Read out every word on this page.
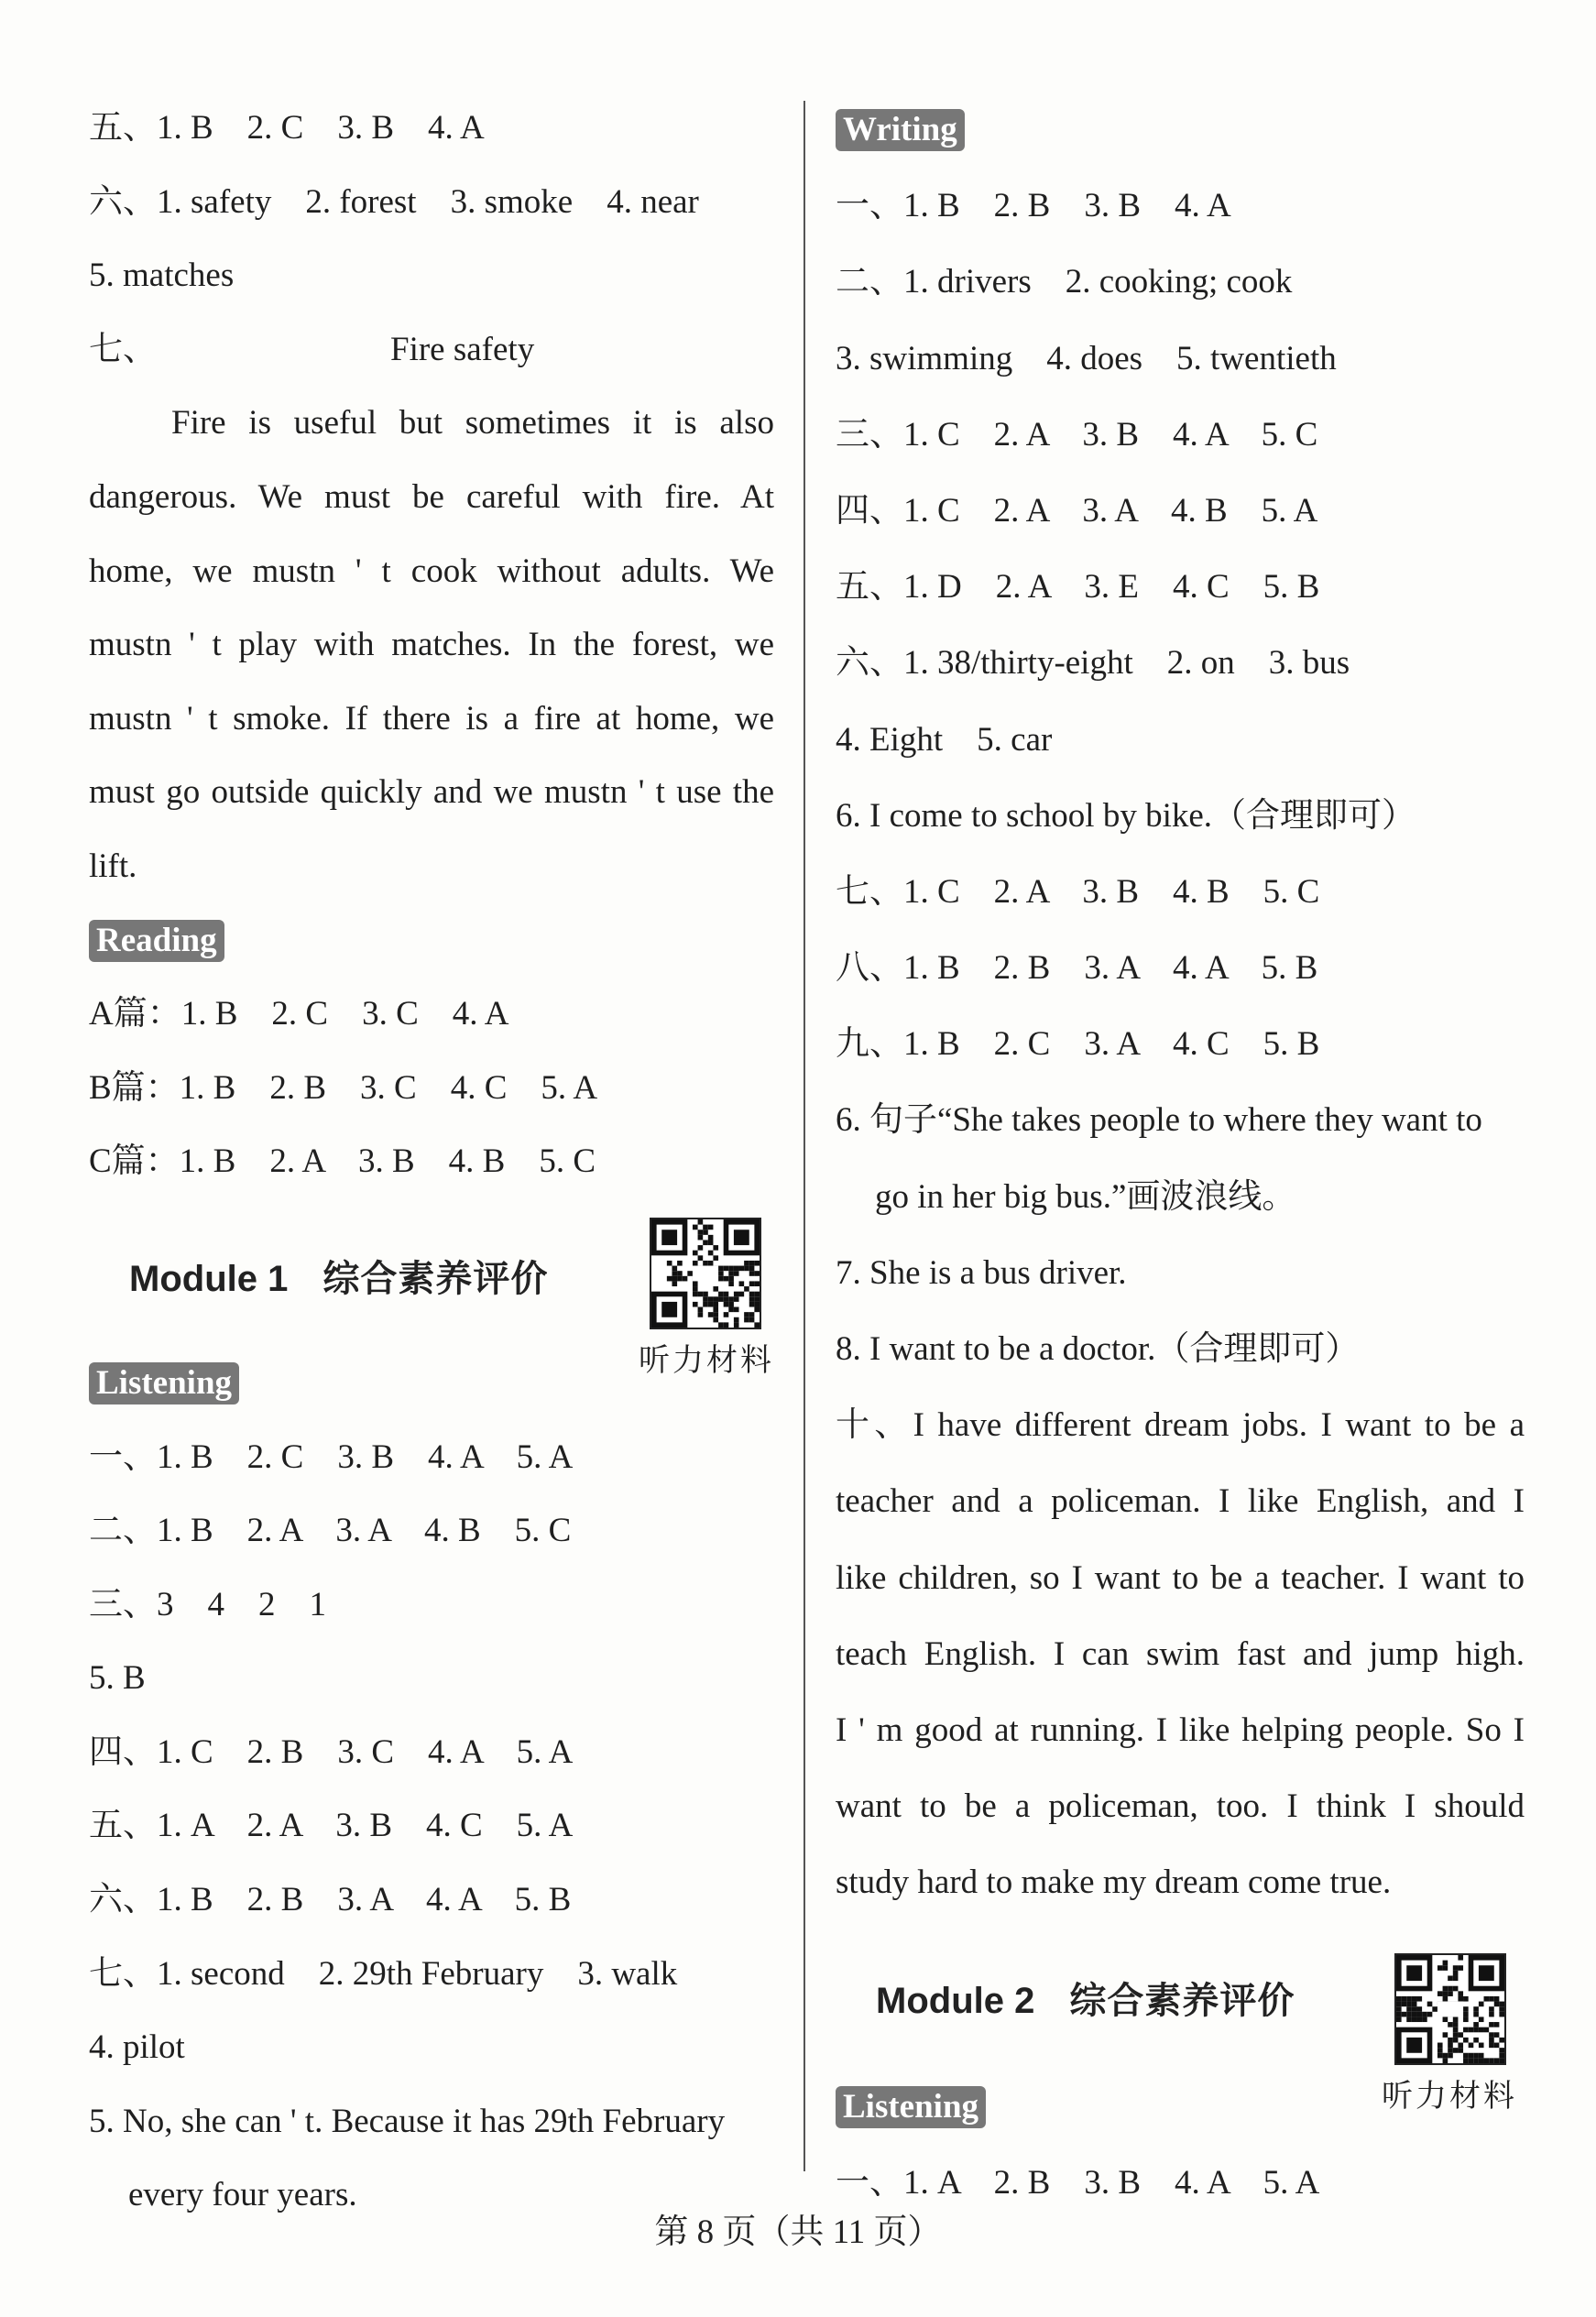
五、1. B    2. C    3. B    4. A
六、1. safety    2. forest    3. smoke    4. near
5. matches
七、	Fire safety
Fire is useful but sometimes it is also
dangerous. We must be careful with fire. At
home, we mustn ' t cook without adults. We
mustn ' t play with matches. In the forest, we
mustn ' t smoke. If there is a fire at home, we
must go outside quickly and we mustn ' t use the
lift.
Reading
A篇：1. B    2. C    3. C    4. A
B篇：1. B    2. B    3. C    4. C    5. A
C篇：1. B    2. A    3. B    4. B    5. C
Module 1 综合素养评价
听力材料
Listening
一、1. B    2. C    3. B    4. A    5. A
二、1. B    2. A    3. A    4. B    5. C
三、3    4    2    1
5. B
四、1. C    2. B    3. C    4. A    5. A
五、1. A    2. A    3. B    4. C    5. A
六、1. B    2. B    3. A    4. A    5. B
七、1. second    2. 29th February    3. walk
4. pilot
5. No, she can ' t. Because it has 29th February
every four years.
Writing
一、1. B    2. B    3. B    4. A
二、1. drivers    2. cooking; cook
3. swimming    4. does    5. twentieth
三、1. C    2. A    3. B    4. A    5. C
四、1. C    2. A    3. A    4. B    5. A
五、1. D    2. A    3. E    4. C    5. B
六、1. 38/thirty-eight    2. on    3. bus
4. Eight    5. car
6. I come to school by bike.（合理即可）
七、1. C    2. A    3. B    4. B    5. C
八、1. B    2. B    3. A    4. A    5. B
九、1. B    2. C    3. A    4. C    5. B
6. 句子“She takes people to where they want to
go in her big bus.”画波浪线。
7. She is a bus driver.
8. I want to be a doctor.（合理即可）
十、I have different dream jobs. I want to be a
teacher and a policeman. I like English, and I
like children, so I want to be a teacher. I want to
teach English. I can swim fast and jump high.
I ' m good at running. I like helping people. So I
want to be a policeman, too. I think I should
study hard to make my dream come true.
Module 2 综合素养评价
听力材料
Listening
一、1. A    2. B    3. B    4. A    5. A
第 8 页（共 11 页）
